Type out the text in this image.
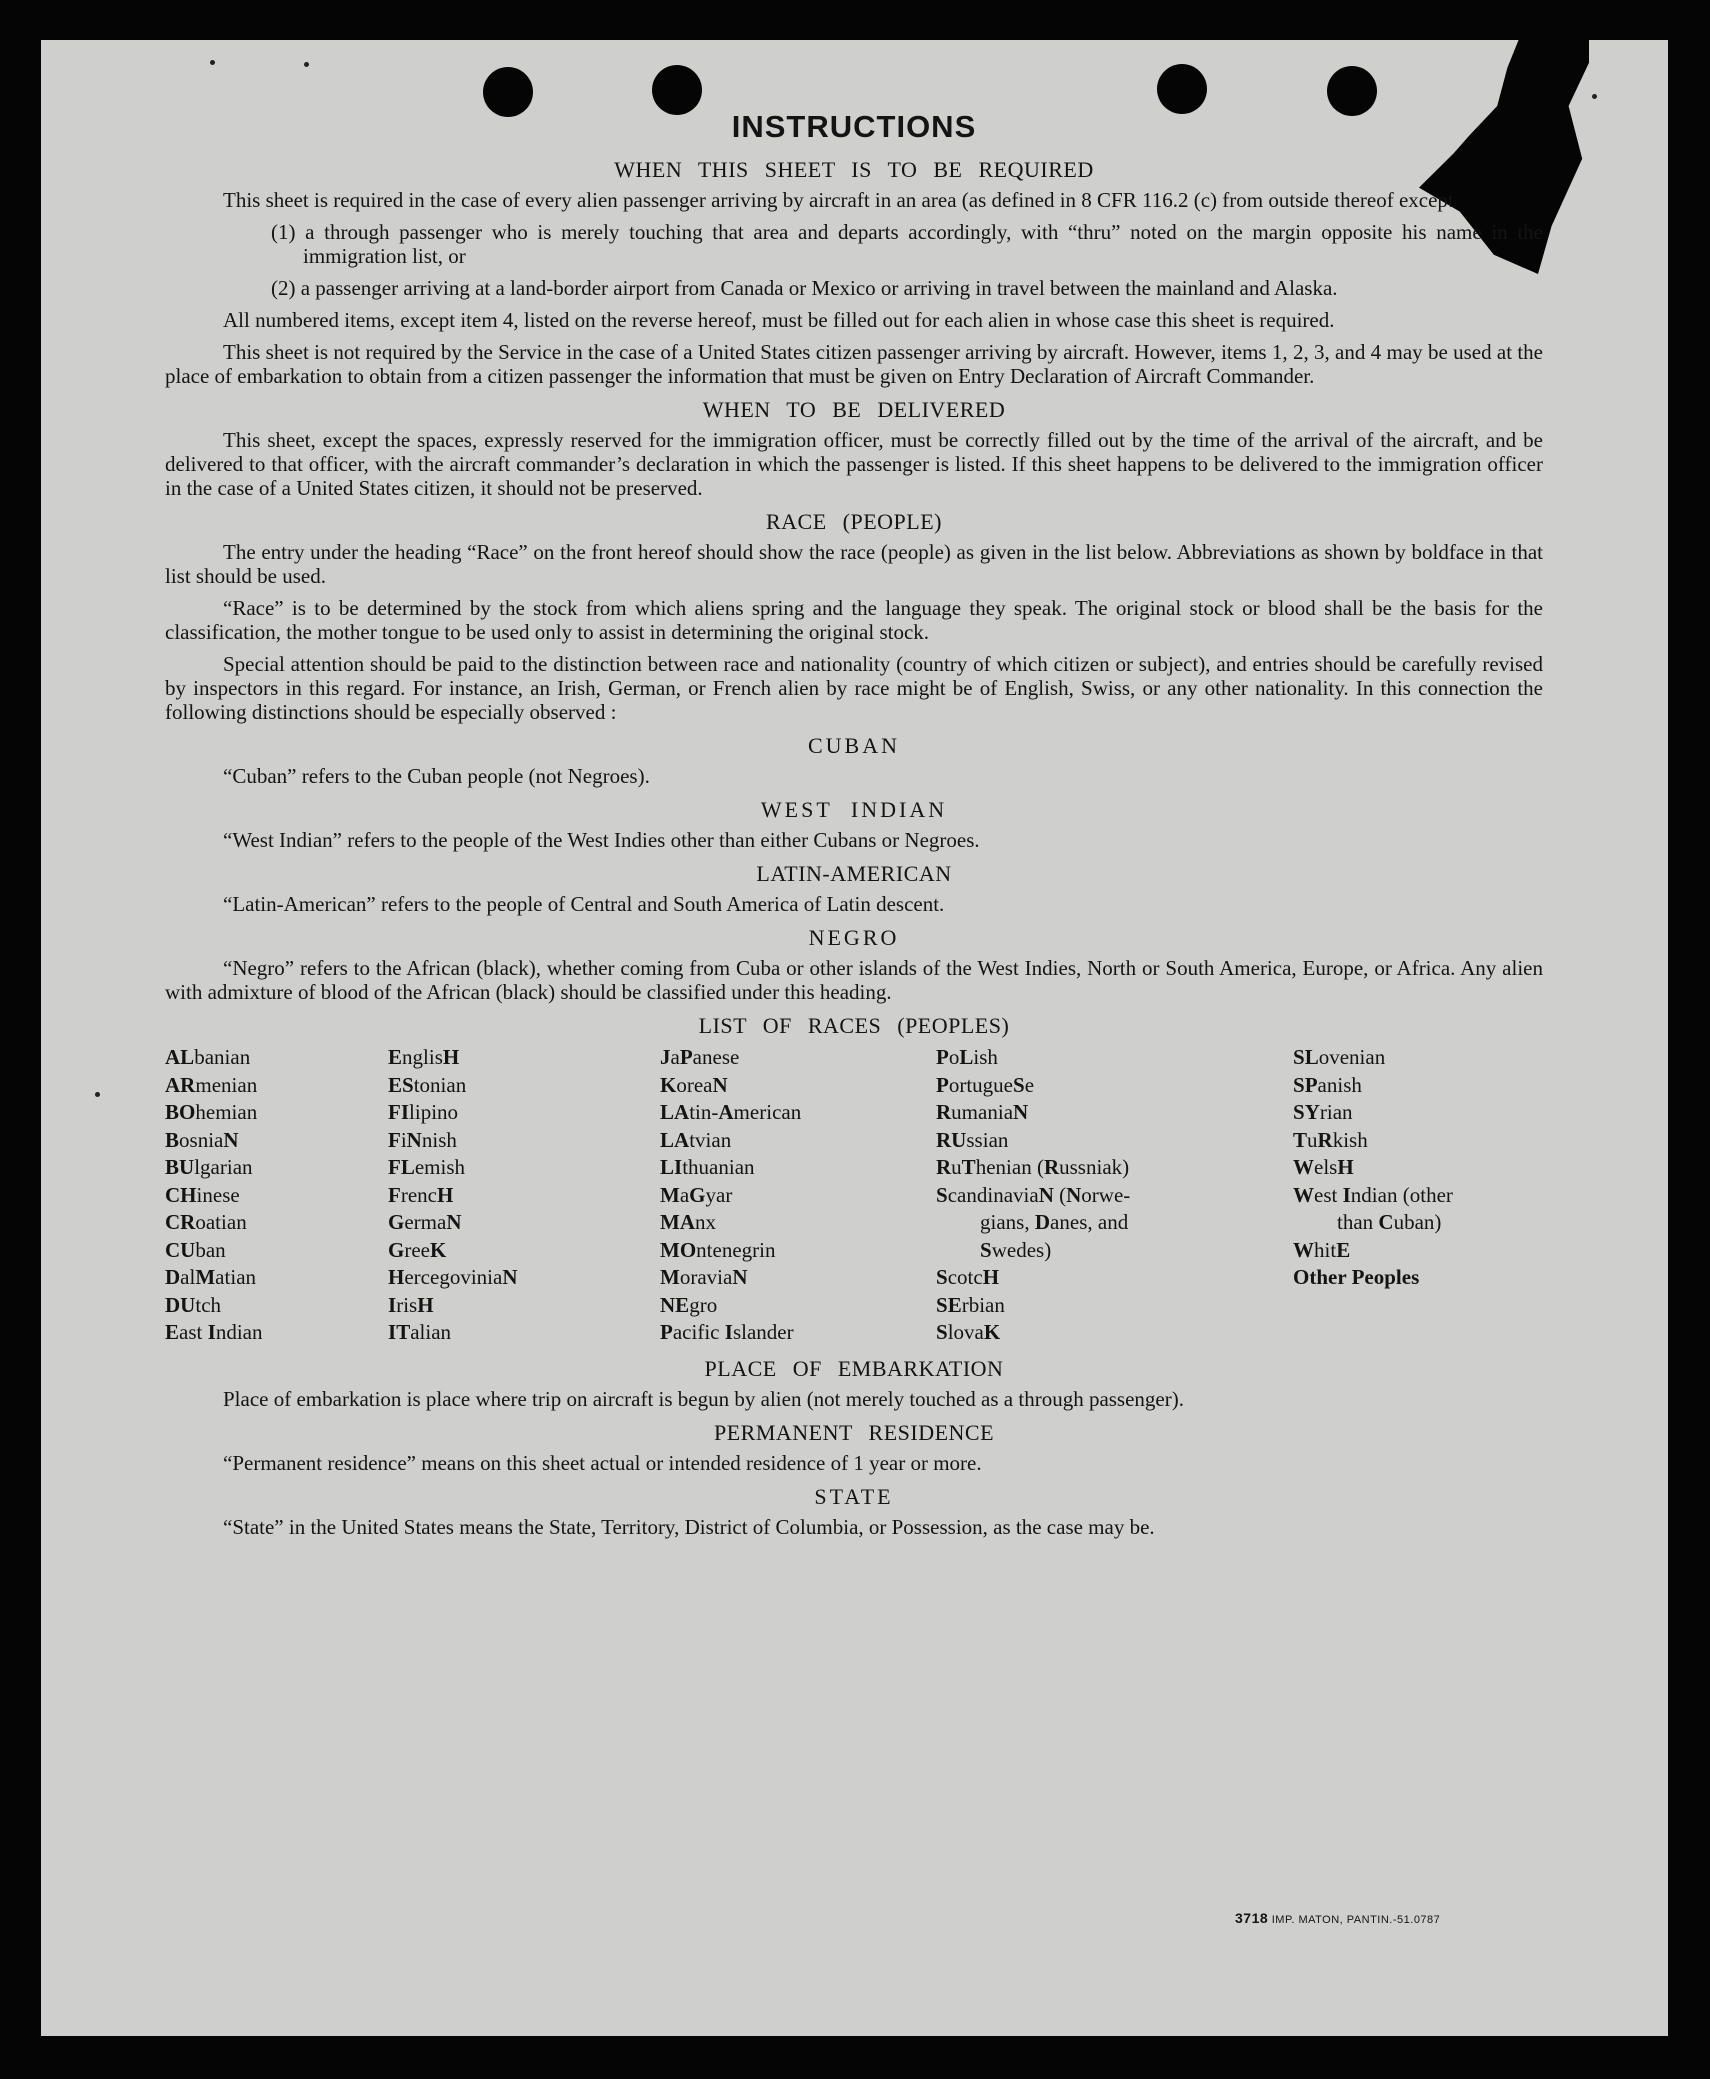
INSTRUCTIONS
WHEN THIS SHEET IS TO BE REQUIRED

This sheet is required in the case of every alien passenger arriving by aircraft in an area (as defined in 8 CFR 116.2 (c) from outside thereof except

(1) a through passenger who is merely touching that area and departs accordingly, with “thru” noted on the margin opposite his name in the immigration list, or
(2) a passenger arriving at a land-border airport from Canada or Mexico or arriving in travel between the mainland and Alaska.

All numbered items, except item 4, listed on the reverse hereof, must be filled out for each alien in whose case this sheet is required.

This sheet is not required by the Service in the case of a United States citizen passenger arriving by aircraft. However, items 1, 2, 3, and 4 may be used at the place of embarkation to obtain from a citizen passenger the information that must be given on Entry Declaration of Aircraft Commander.

WHEN TO BE DELIVERED

This sheet, except the spaces, expressly reserved for the immigration officer, must be correctly filled out by the time of the arrival of the aircraft, and be delivered to that officer, with the aircraft commander’s declaration in which the passenger is listed. If this sheet happens to be delivered to the immigration officer in the case of a United States citizen, it should not be preserved.

RACE (PEOPLE)

The entry under the heading “Race” on the front hereof should show the race (people) as given in the list below. Abbreviations as shown by boldface in that list should be used.

“Race” is to be determined by the stock from which aliens spring and the language they speak. The original stock or blood shall be the basis for the classification, the mother tongue to be used only to assist in determining the original stock.

Special attention should be paid to the distinction between race and nationality (country of which citizen or subject), and entries should be carefully revised by inspectors in this regard. For instance, an Irish, German, or French alien by race might be of English, Swiss, or any other nationality. In this connection the following distinctions should be especially observed :

CUBAN

“Cuban” refers to the Cuban people (not Negroes).

WEST INDIAN

“West Indian” refers to the people of the West Indies other than either Cubans or Negroes.

LATIN-AMERICAN

“Latin-American” refers to the people of Central and South America of Latin descent.

NEGRO

“Negro” refers to the African (black), whether coming from Cuba or other islands of the West Indies, North or South America, Europe, or Africa. Any alien with admixture of blood of the African (black) should be classified under this heading.

LIST OF RACES (PEOPLES)
ALbanian
ARmenian
BOhemian
BosniaN
BUlgarian
CHinese
CRoatian
CUban
DalMatian
DUtch
East Indian
EnglisH
EStonian
FIlipino
FiNnish
FLemish
FrencH
GermaN
GreeK
HercegoviniaN
IrisH
ITalian
JaPanese
KoreaN
LAtin-American
LAtvian
LIthuanian
MaGyar
MAnx
MOntenegrin
MoraviaN
NEgro
Pacific Islander
PoLish
PortugueSe
RumaniaN
RUssian
RuThenian (Russniak)
ScandinaviaN (Norwe-
gians, Danes, and
Swedes)
ScotcH
SErbian
SlovaK
SLovenian
SPanish
SYrian
TuRkish
WelsH
West Indian (other
than Cuban)
WhitE
Other Peoples
PLACE OF EMBARKATION

Place of embarkation is place where trip on aircraft is begun by alien (not merely touched as a through passenger).

PERMANENT RESIDENCE

“Permanent residence” means on this sheet actual or intended residence of 1 year or more.

STATE

“State” in the United States means the State, Territory, District of Columbia, or Possession, as the case may be.

3718 IMP. MATON, PANTIN.-51.0787
